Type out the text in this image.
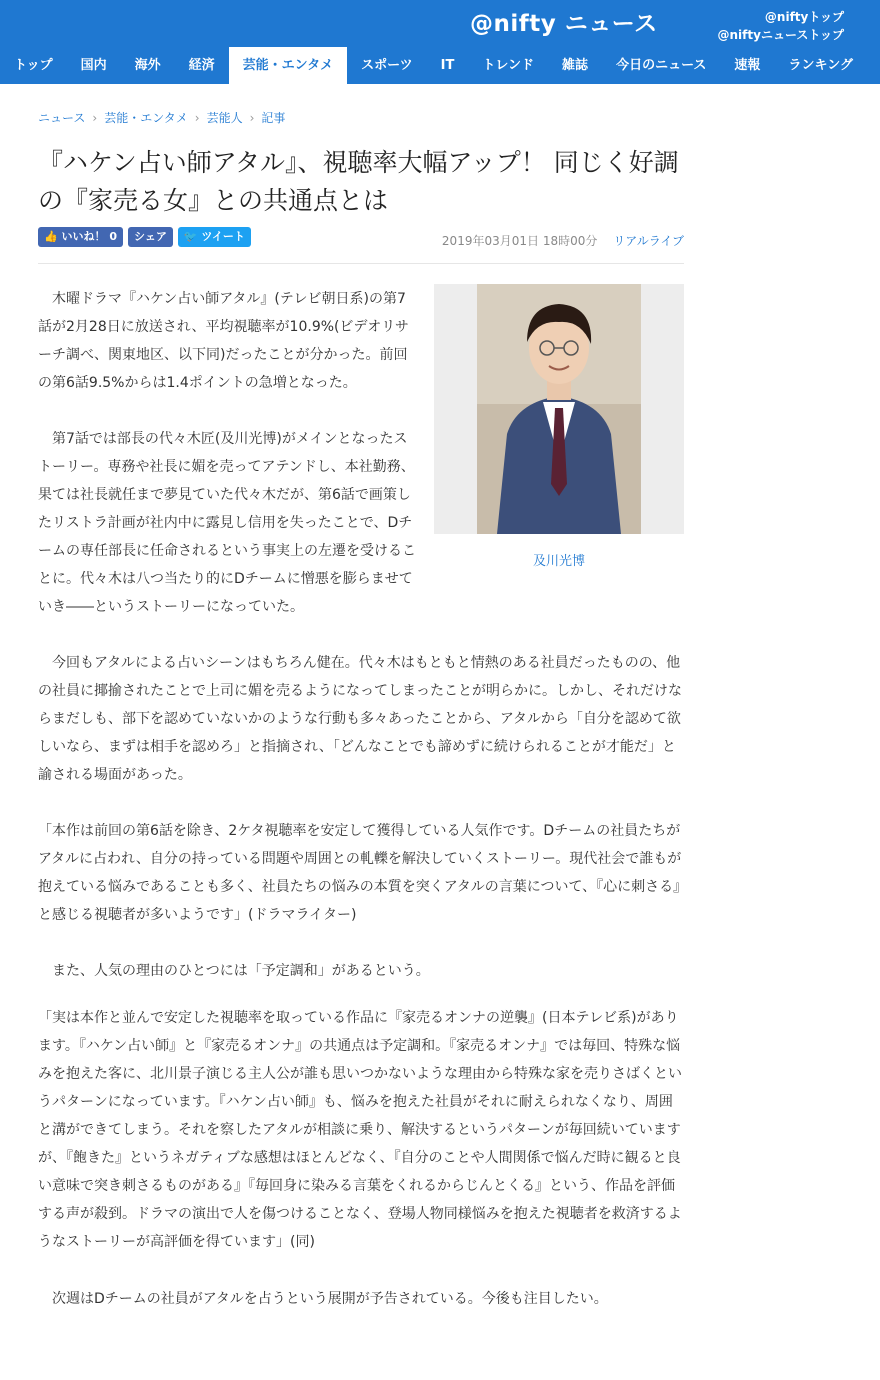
@nifty ニュース	@niftyトップ
@niftyニューストップ
トップ	国内	海外	経済	芸能・エンタメ	スポーツ	IT	トレンド	雑誌	今日のニュース	速報	ランキング
ニュース › 芸能・エンタメ › 芸能人 › 記事
『ハケン占い師アタル』、視聴率大幅アップ！ 同じく好調の『家売る女』との共通点とは
👍 いいね！ 0	シェア	🐦 ツイート	2019年03月01日 18時00分 リアルライブ
及川光博

　木曜ドラマ『ハケン占い師アタル』(テレビ朝日系)の第7話が2月28日に放送され、平均視聴率が10.9%(ビデオリサーチ調べ、関東地区、以下同)だったことが分かった。前回の第6話9.5%からは1.4ポイントの急増となった。

　第7話では部長の代々木匠(及川光博)がメインとなったストーリー。専務や社長に媚を売ってアテンドし、本社勤務、果ては社長就任まで夢見ていた代々木だが、第6話で画策したリストラ計画が社内中に露見し信用を失ったことで、Dチームの専任部長に任命されるという事実上の左遷を受けることに。代々木は八つ当たり的にDチームに憎悪を膨らませていき――というストーリーになっていた。

　今回もアタルによる占いシーンはもちろん健在。代々木はもともと情熱のある社員だったものの、他の社員に揶揄されたことで上司に媚を売るようになってしまったことが明らかに。しかし、それだけならまだしも、部下を認めていないかのような行動も多々あったことから、アタルから「自分を認めて欲しいなら、まずは相手を認めろ」と指摘され、「どんなことでも諦めずに続けられることが才能だ」と諭される場面があった。

「本作は前回の第6話を除き、2ケタ視聴率を安定して獲得している人気作です。Dチームの社員たちがアタルに占われ、自分の持っている問題や周囲との軋轢を解決していくストーリー。現代社会で誰もが抱えている悩みであることも多く、社員たちの悩みの本質を突くアタルの言葉について、『心に刺さる』と感じる視聴者が多いようです」(ドラマライター)

　また、人気の理由のひとつには「予定調和」があるという。

「実は本作と並んで安定した視聴率を取っている作品に『家売るオンナの逆襲』(日本テレビ系)があります。『ハケン占い師』と『家売るオンナ』の共通点は予定調和。『家売るオンナ』では毎回、特殊な悩みを抱えた客に、北川景子演じる主人公が誰も思いつかないような理由から特殊な家を売りさばくというパターンになっています。『ハケン占い師』も、悩みを抱えた社員がそれに耐えられなくなり、周囲と溝ができてしまう。それを察したアタルが相談に乗り、解決するというパターンが毎回続いていますが、『飽きた』というネガティブな感想はほとんどなく、『自分のことや人間関係で悩んだ時に観ると良い意味で突き刺さるものがある』『毎回身に染みる言葉をくれるからじんとくる』という、作品を評価する声が殺到。ドラマの演出で人を傷つけることなく、登場人物同様悩みを抱えた視聴者を救済するようなストーリーが高評価を得ています」(同)

　次週はDチームの社員がアタルを占うという展開が予告されている。今後も注目したい。
